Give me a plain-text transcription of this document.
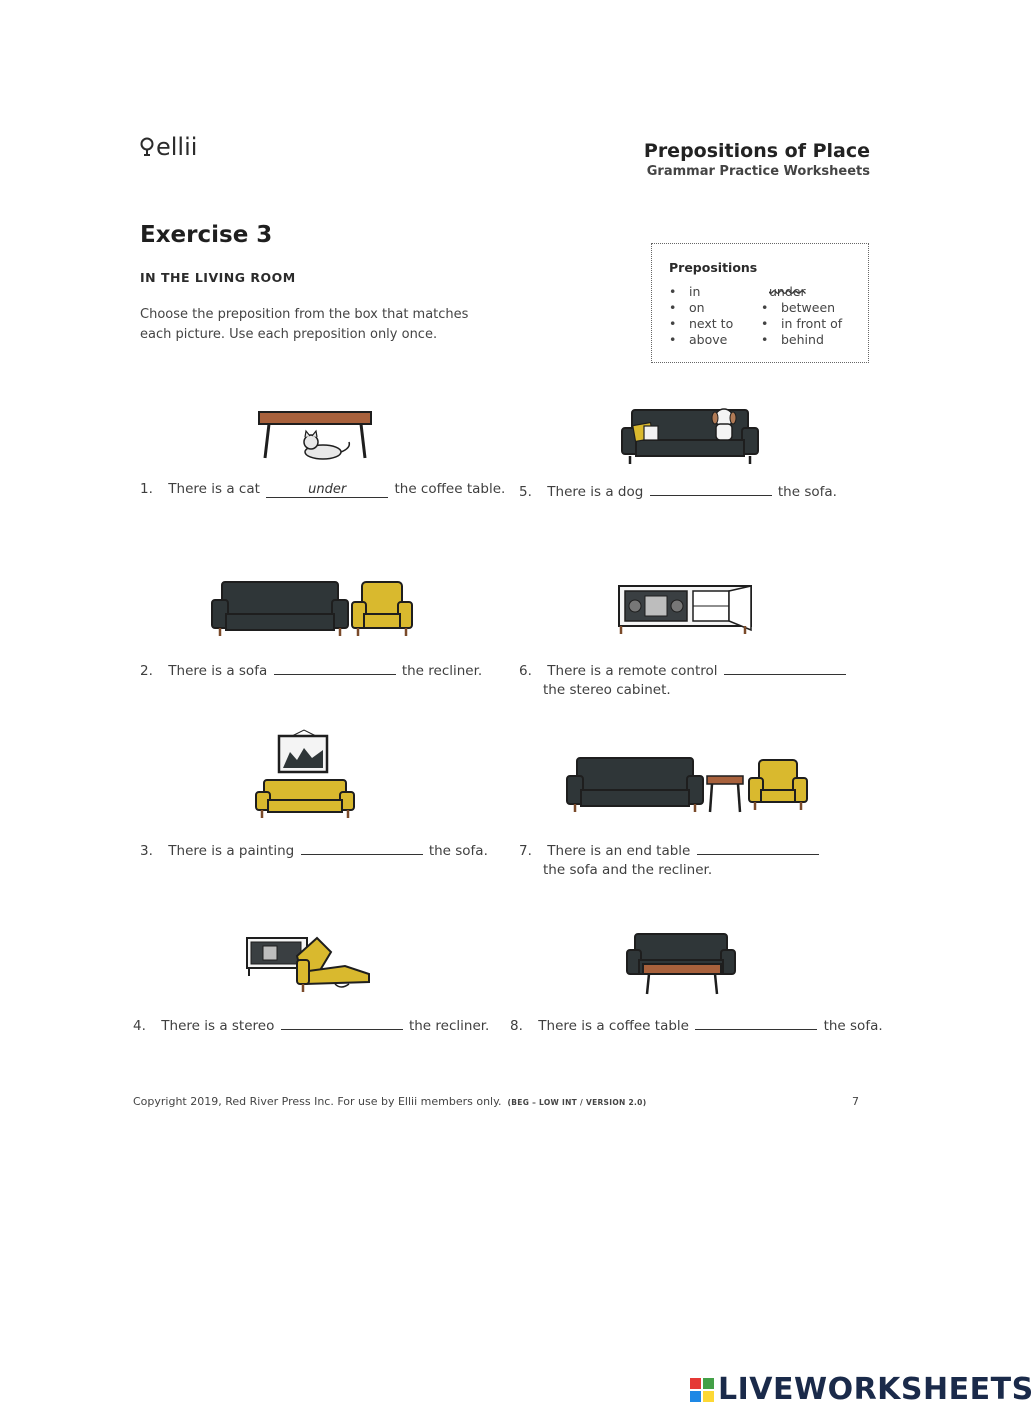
ellii	Prepositions of Place
Grammar Practice Worksheets
Exercise 3
IN THE LIVING ROOM
Choose the preposition from the box that matches each picture. Use each preposition only once.
Prepositions
• in
• on
• next to
• above
under
• between
• in front of
• behind
1. There is a cat	under	the coffee table. 5. There is a dog	the sofa.
2. There is a sofa	the recliner.	6. There is a remote control
the stereo cabinet.
3. There is a painting	the sofa. 7. There is an end table
the sofa and the recliner.
4. There is a stereo	the recliner. 8. There is a coffee table	the sofa.
Copyright 2019, Red River Press Inc. For use by Ellii members only. (BEG – LOW INT / VERSION 2.0)	7
LIVEWORKSHEETS
